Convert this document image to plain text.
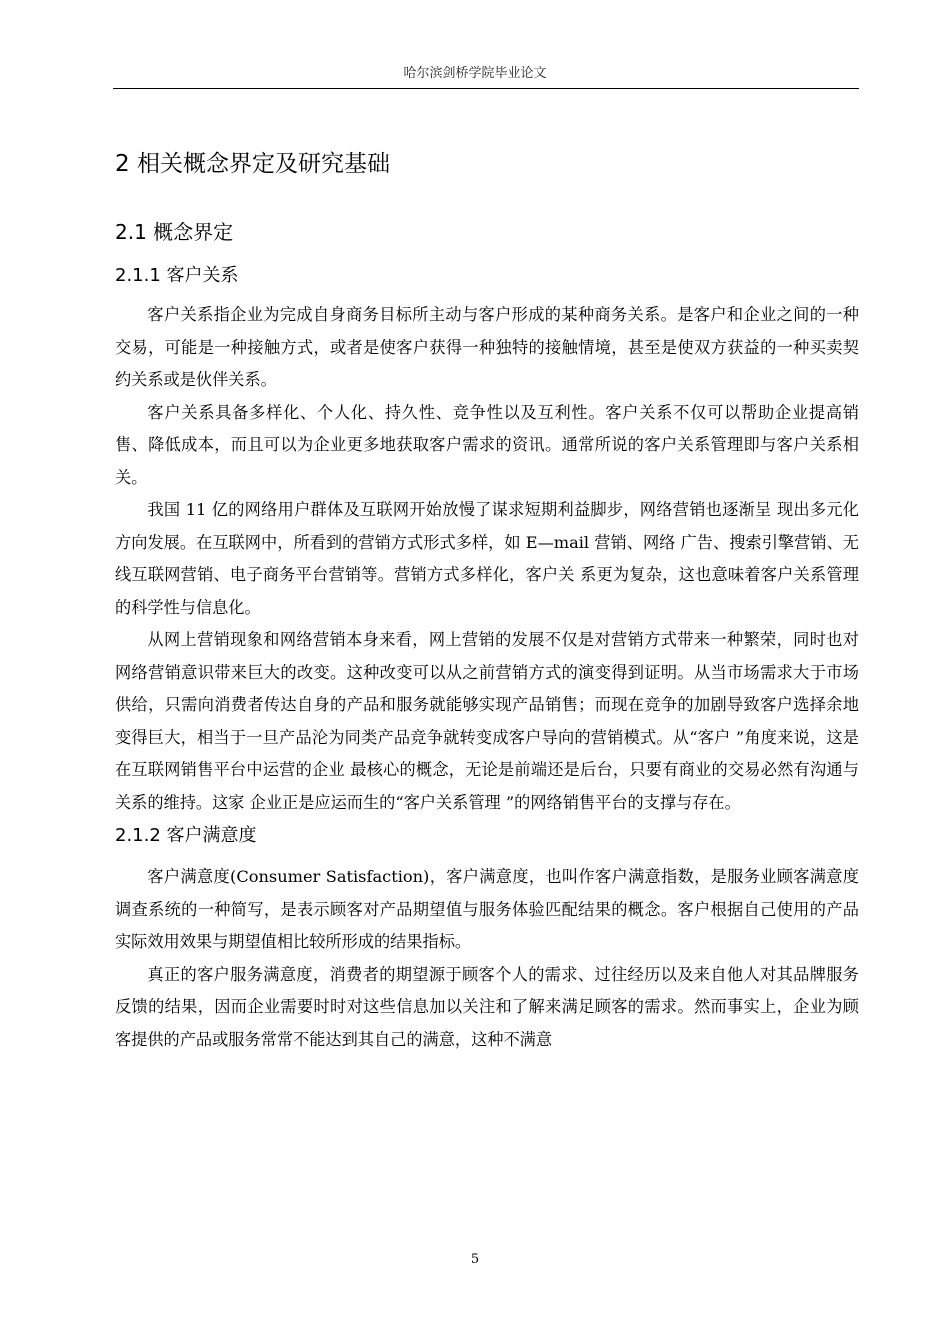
哈尔滨剑桥学院毕业论文
2 相关概念界定及研究基础
2.1 概念界定
2.1.1 客户关系

客户关系指企业为完成自身商务目标所主动与客户形成的某种商务关系。是客户和企业之间的一种交易，可能是一种接触方式，或者是使客户获得一种独特的接触情境，甚至是使双方获益的一种买卖契约关系或是伙伴关系。

客户关系具备多样化、个人化、持久性、竞争性以及互利性。客户关系不仅可以帮助企业提高销售、降低成本，而且可以为企业更多地获取客户需求的资讯。通常所说的客户关系管理即与客户关系相关。

我国 11 亿的网络用户群体及互联网开始放慢了谋求短期利益脚步，网络营销也逐渐呈 现出多元化方向发展。在互联网中，所看到的营销方式形式多样，如 E—mail 营销、网络 广告、搜索引擎营销、无线互联网营销、电子商务平台营销等。营销方式多样化，客户关 系更为复杂，这也意味着客户关系管理的科学性与信息化。

从网上营销现象和网络营销本身来看，网上营销的发展不仅是对营销方式带来一种繁荣，同时也对网络营销意识带来巨大的改变。这种改变可以从之前营销方式的演变得到证明。从当市场需求大于市场供给，只需向消费者传达自身的产品和服务就能够实现产品销售；而现在竞争的加剧导致客户选择余地变得巨大，相当于一旦产品沦为同类产品竞争就转变成客户导向的营销模式。从“客户 ”角度来说，这是在互联网销售平台中运营的企业 最核心的概念，无论是前端还是后台，只要有商业的交易必然有沟通与关系的维持。这家 企业正是应运而生的“客户关系管理 ”的网络销售平台的支撑与存在。

2.1.2 客户满意度

客户满意度(Consumer Satisfaction)，客户满意度，也叫作客户满意指数，是服务业顾客满意度调查系统的一种简写，是表示顾客对产品期望值与服务体验匹配结果的概念。客户根据自己使用的产品实际效用效果与期望值相比较所形成的结果指标。

真正的客户服务满意度，消费者的期望源于顾客个人的需求、过往经历以及来自他人对其品牌服务反馈的结果，因而企业需要时时对这些信息加以关注和了解来满足顾客的需求。然而事实上，企业为顾客提供的产品或服务常常不能达到其自己的满意，这种不满意

5
